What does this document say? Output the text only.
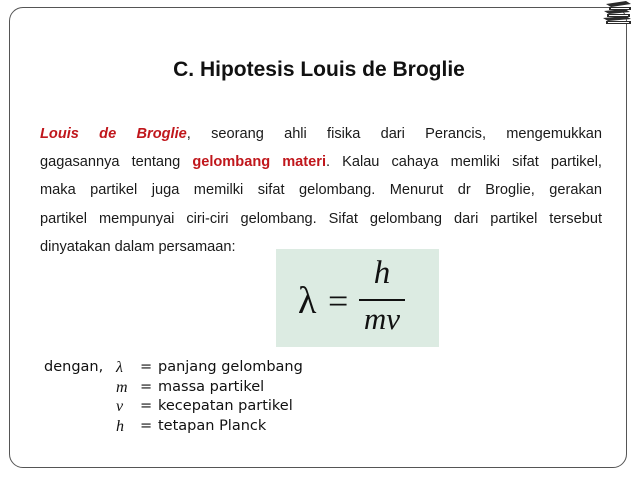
C. Hipotesis Louis de Broglie
Louis de Broglie, seorang ahli fisika dari Perancis, mengemukkan
gagasannya tentang gelombang materi. Kalau cahaya memliki sifat partikel,
maka partikel juga memilki sifat gelombang. Menurut dr Broglie, gerakan
partikel mempunyai ciri-ciri gelombang. Sifat gelombang dari partikel tersebut
dinyatakan dalam persamaan:
λ =
h
mv
dengan, λ = panjang gelombang
m = massa partikel
v = kecepatan partikel
h = tetapan Planck
